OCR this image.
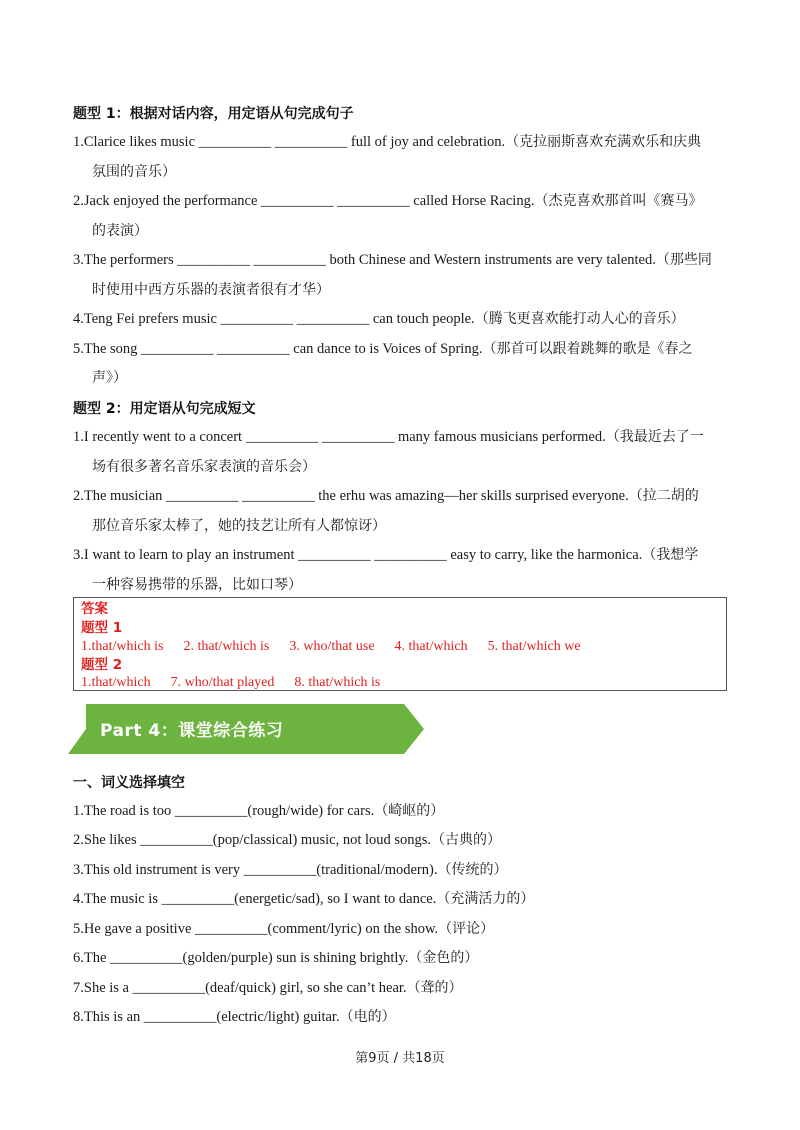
题型 1：根据对话内容，用定语从句完成句子
1.Clarice likes music __________ __________ full of joy and celebration.（克拉丽斯喜欢充满欢乐和庆典
氛围的音乐）
2.Jack enjoyed the performance __________ __________ called Horse Racing.（杰克喜欢那首叫《赛马》
的表演）
3.The performers __________ __________ both Chinese and Western instruments are very talented.（那些同
时使用中西方乐器的表演者很有才华）
4.Teng Fei prefers music __________ __________ can touch people.（腾飞更喜欢能打动人心的音乐）
5.The song __________ __________ can dance to is Voices of Spring.（那首可以跟着跳舞的歌是《春之
声》）
题型 2：用定语从句完成短文
1.I recently went to a concert __________ __________ many famous musicians performed.（我最近去了一
场有很多著名音乐家表演的音乐会）
2.The musician __________ __________ the erhu was amazing—her skills surprised everyone.（拉二胡的
那位音乐家太棒了，她的技艺让所有人都惊讶）
3.I want to learn to play an instrument __________ __________ easy to carry, like the harmonica.（我想学
一种容易携带的乐器，比如口琴）
答案
题型 1
1.that/which is 2. that/which is 3. who/that use 4. that/which 5. that/which we
题型 2
1.that/which 7. who/that played 8. that/which is
Part 4：课堂综合练习
一、词义选择填空
1.The road is too __________(rough/wide) for cars.（崎岖的）
2.She likes __________(pop/classical) music, not loud songs.（古典的）
3.This old instrument is very __________(traditional/modern).（传统的）
4.The music is __________(energetic/sad), so I want to dance.（充满活力的）
5.He gave a positive __________(comment/lyric) on the show.（评论）
6.The __________(golden/purple) sun is shining brightly.（金色的）
7.She is a __________(deaf/quick) girl, so she can’t hear.（聋的）
8.This is an __________(electric/light) guitar.（电的）
第9页 / 共18页
